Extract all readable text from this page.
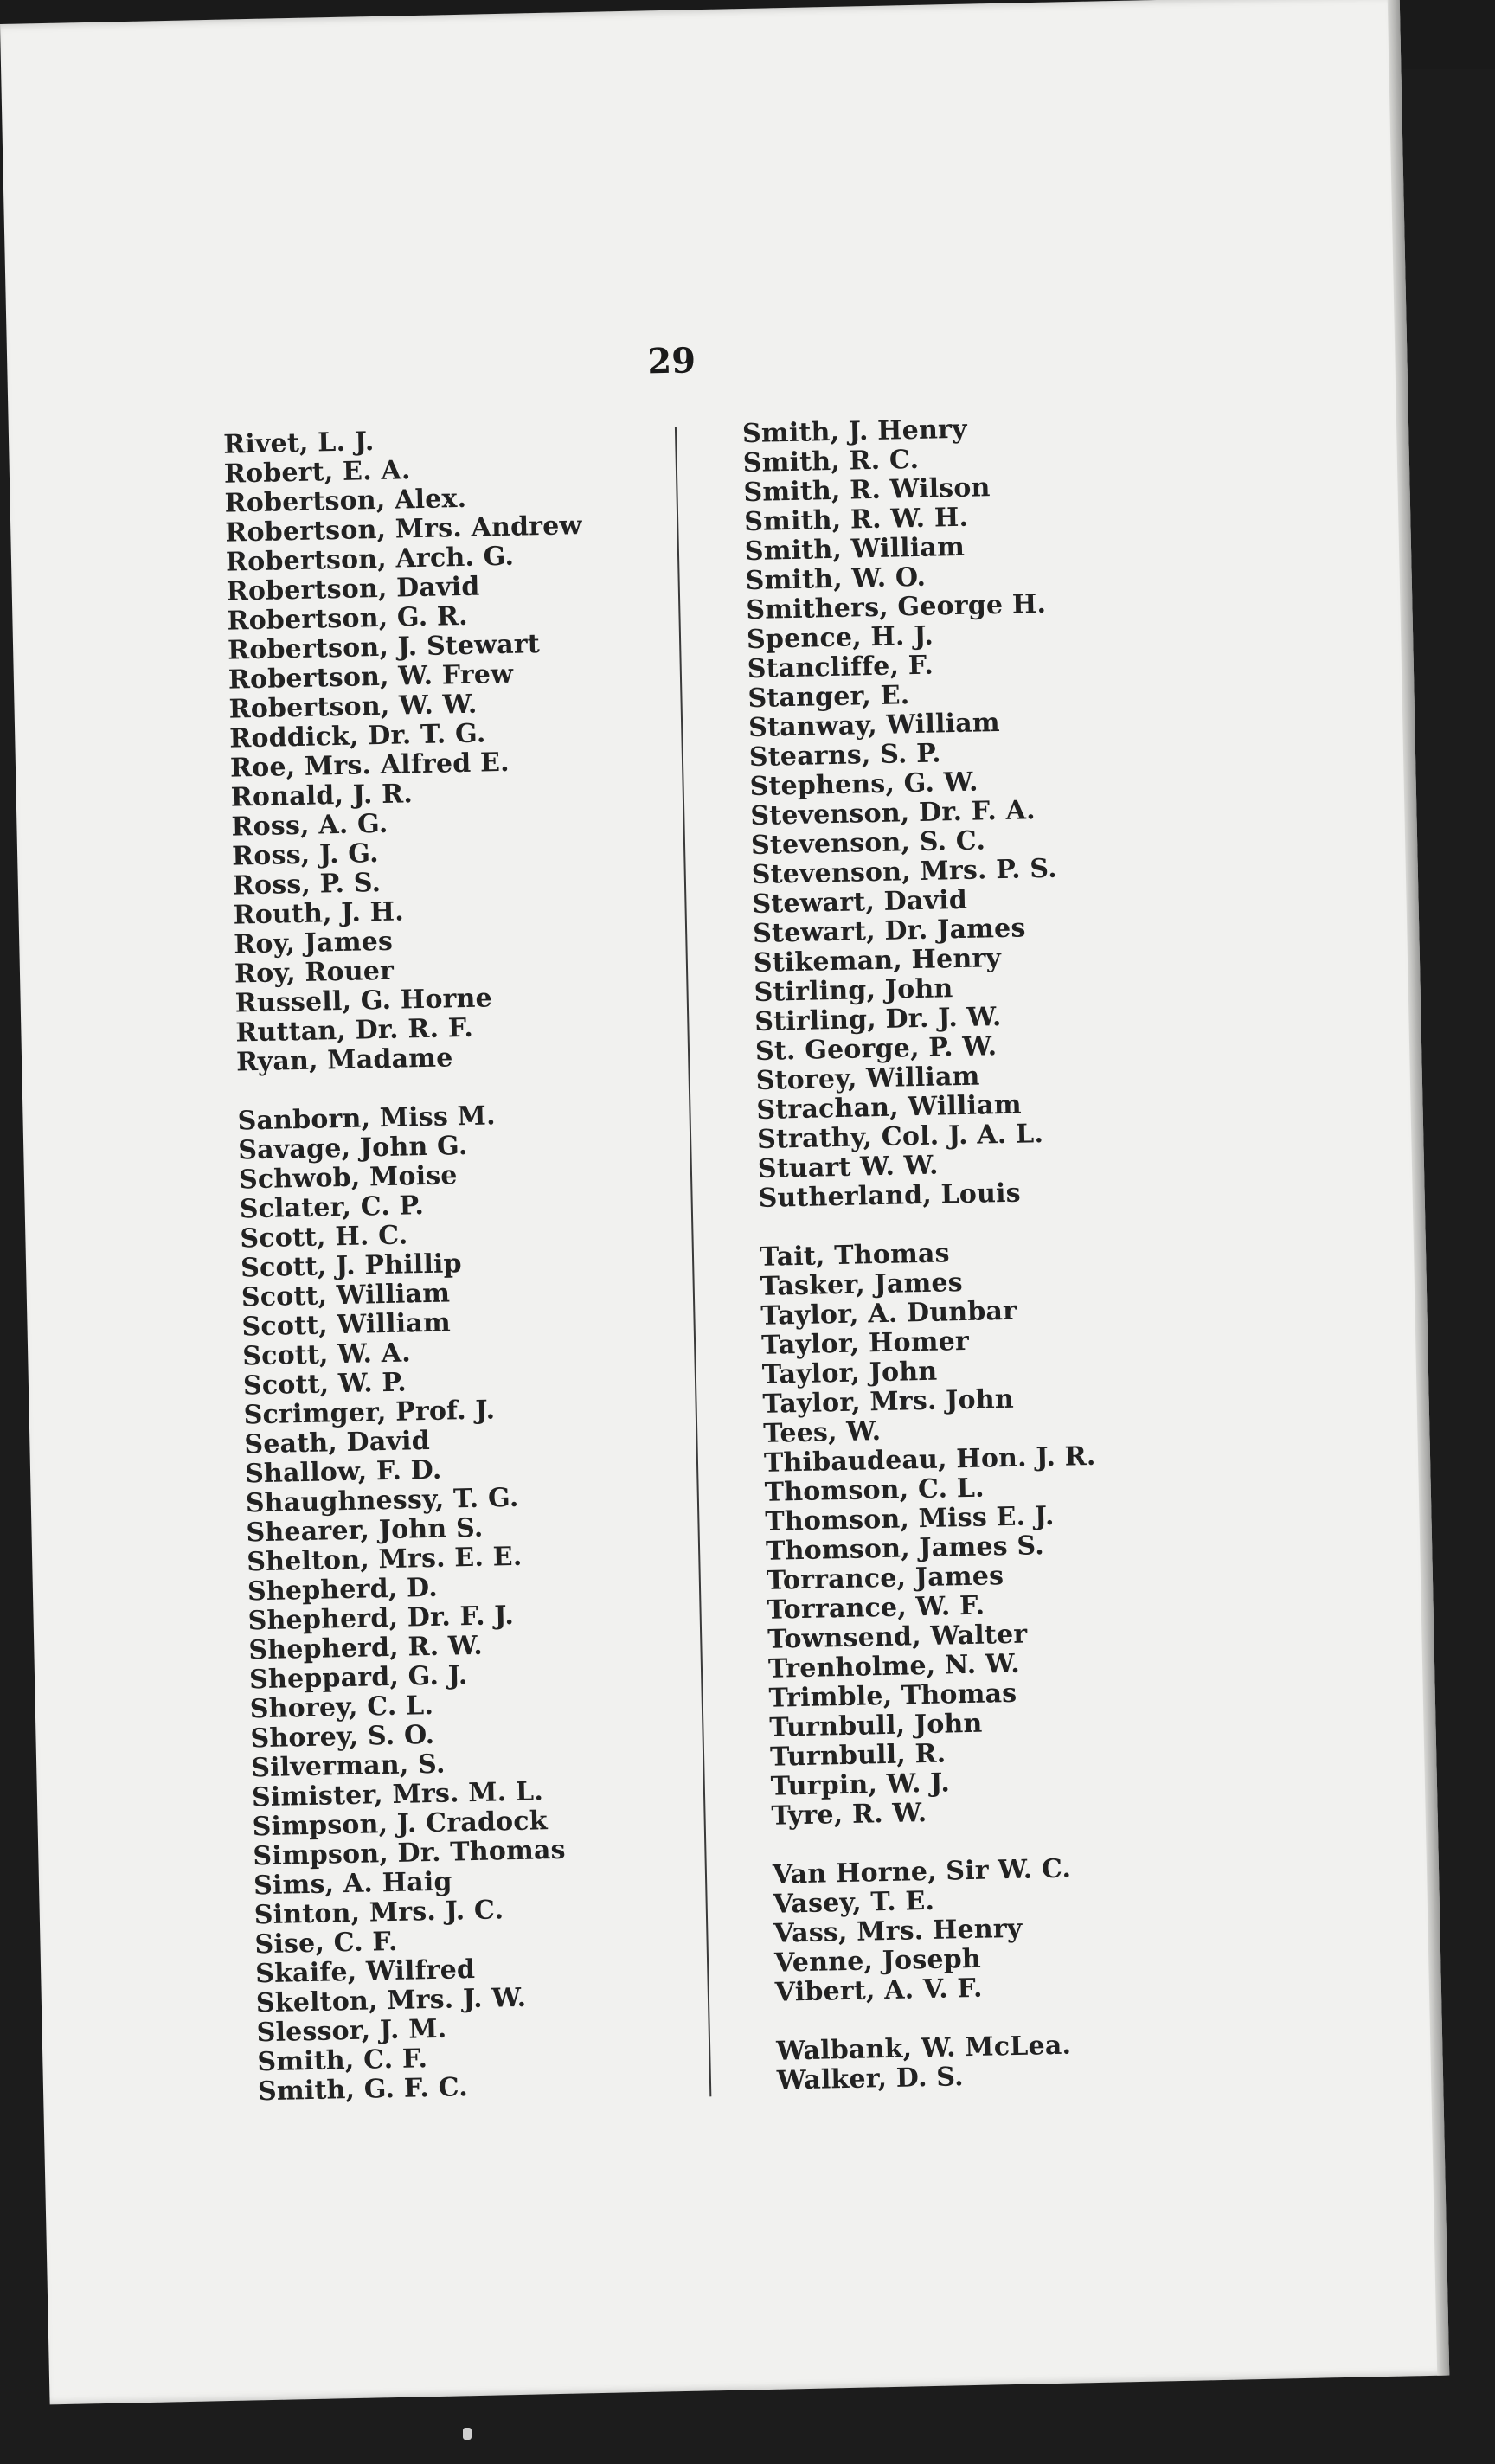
29
Rivet, L. J.
Robert, E. A.
Robertson, Alex.
Robertson, Mrs. Andrew
Robertson, Arch. G.
Robertson, David
Robertson, G. R.
Robertson, J. Stewart
Robertson, W. Frew
Robertson, W. W.
Roddick, Dr. T. G.
Roe, Mrs. Alfred E.
Ronald, J. R.
Ross, A. G.
Ross, J. G.
Ross, P. S.
Routh, J. H.
Roy, James
Roy, Rouer
Russell, G. Horne
Ruttan, Dr. R. F.
Ryan, Madame
Sanborn, Miss M.
Savage, John G.
Schwob, Moise
Sclater, C. P.
Scott, H. C.
Scott, J. Phillip
Scott, William
Scott, William
Scott, W. A.
Scott, W. P.
Scrimger, Prof. J.
Seath, David
Shallow, F. D.
Shaughnessy, T. G.
Shearer, John S.
Shelton, Mrs. E. E.
Shepherd, D.
Shepherd, Dr. F. J.
Shepherd, R. W.
Sheppard, G. J.
Shorey, C. L.
Shorey, S. O.
Silverman, S.
Simister, Mrs. M. L.
Simpson, J. Cradock
Simpson, Dr. Thomas
Sims, A. Haig
Sinton, Mrs. J. C.
Sise, C. F.
Skaife, Wilfred
Skelton, Mrs. J. W.
Slessor, J. M.
Smith, C. F.
Smith, G. F. C.
Smith, J. Henry
Smith, R. C.
Smith, R. Wilson
Smith, R. W. H.
Smith, William
Smith, W. O.
Smithers, George H.
Spence, H. J.
Stancliffe, F.
Stanger, E.
Stanway, William
Stearns, S. P.
Stephens, G. W.
Stevenson, Dr. F. A.
Stevenson, S. C.
Stevenson, Mrs. P. S.
Stewart, David
Stewart, Dr. James
Stikeman, Henry
Stirling, John
Stirling, Dr. J. W.
St. George, P. W.
Storey, William
Strachan, William
Strathy, Col. J. A. L.
Stuart W. W.
Sutherland, Louis
Tait, Thomas
Tasker, James
Taylor, A. Dunbar
Taylor, Homer
Taylor, John
Taylor, Mrs. John
Tees, W.
Thibaudeau, Hon. J. R.
Thomson, C. L.
Thomson, Miss E. J.
Thomson, James S.
Torrance, James
Torrance, W. F.
Townsend, Walter
Trenholme, N. W.
Trimble, Thomas
Turnbull, John
Turnbull, R.
Turpin, W. J.
Tyre, R. W.
Van Horne, Sir W. C.
Vasey, T. E.
Vass, Mrs. Henry
Venne, Joseph
Vibert, A. V. F.
Walbank, W. McLea.
Walker, D. S.
